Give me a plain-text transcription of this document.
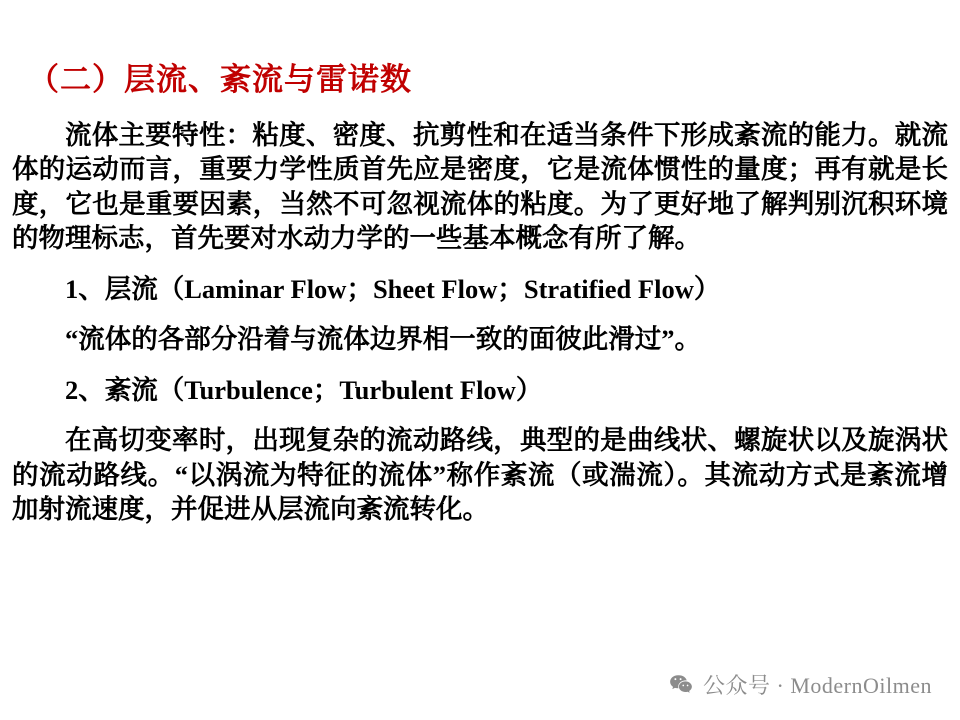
（二）层流、紊流与雷诺数

流体主要特性：粘度、密度、抗剪性和在适当条件下形成紊流的能力。就流体的运动而言，重要力学性质首先应是密度，它是流体惯性的量度；再有就是长度，它也是重要因素，当然不可忽视流体的粘度。为了更好地了解判别沉积环境的物理标志，首先要对水动力学的一些基本概念有所了解。

1、层流（Laminar Flow；Sheet Flow；Stratified Flow）

“流体的各部分沿着与流体边界相一致的面彼此滑过”。

2、紊流（Turbulence；Turbulent Flow）

在高切变率时，出现复杂的流动路线，典型的是曲线状、螺旋状以及旋涡状的流动路线。“以涡流为特征的流体”称作紊流（或湍流）。其流动方式是紊流增加射流速度，并促进从层流向紊流转化。

公众号 · ModernOilmen
